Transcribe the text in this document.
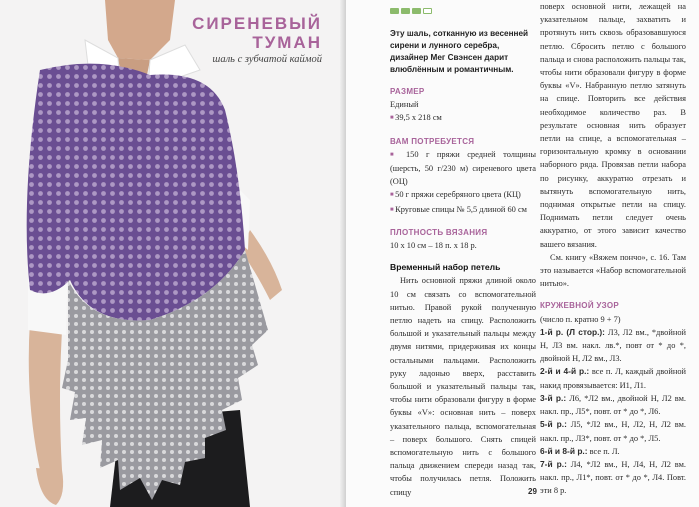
СИРЕНЕВЫЙ
ТУМАН
шаль с зубчатой каймой

Эту шаль, сотканную из весенней сирени и лунного серебра, дизайнер Мег Свэнсен дарит влюблённым и романтичным.

РАЗМЕР

Единый

■ 39,5 х 218 см

ВАМ ПОТРЕБУЕТСЯ

■ 150 г пряжи средней толщины (шерсть, 50 г/230 м) сиреневого цвета (ОЦ)

■ 50 г пряжи серебряного цвета (КЦ)

■ Круговые спицы № 5,5 длиной 60 см

ПЛОТНОСТЬ ВЯЗАНИЯ

10 х 10 см – 18 п. х 18 р.

Временный набор петель

Нить основной пряжи длиной около 10 см связать со вспомогательной нитью. Правой рукой полученную петлю надеть на спицу. Расположить большой и указательный пальцы между двумя нитями, придерживая их концы остальными пальцами. Расположить руку ладонью вверх, расставить большой и указательный пальцы так, чтобы нити образовали фигуру в форме буквы «V»: основная нить – поверх указательного пальца, вспомогательная – поверх большого. Снять спицей вспомогательную нить с большого пальца движением спереди назад так, чтобы получилась петля. Положить спицу

поверх основной нити, лежащей на указательном пальце, захватить и протянуть нить сквозь образовавшуюся петлю. Сбросить петлю с большого пальца и снова расположить пальцы так, чтобы нити образовали фигуру в форме буквы «V». Набранную петлю затянуть на спице. Повторить все действия необходимое количество раз. В результате основная нить образует петли на спице, а вспомогательная – горизонтальную кромку в основании наборного ряда. Провязав петли набора по рисунку, аккуратно отрезать и вытянуть вспомогательную нить, поднимая открытые петли на спицу. Поднимать петли следует очень аккуратно, от этого зависит качество вашего вязания.

См. книгу «Вяжем пончо», с. 16. Там это называется «Набор вспомогательной нитью».

КРУЖЕВНОЙ УЗОР

(число п. кратно 9 + 7)

1-й р. (Л стор.): Л3, Л2 вм., *двойной Н, Л3 вм. накл. лв.*, повт от * до *, двойной Н, Л2 вм., Л3.

2-й и 4-й р.: все п. Л, каждый двойной накид провязывается: И1, Л1.

3-й р.: Л6, *Л2 вм., двойной Н, Л2 вм. накл. пр., Л5*, повт. от * до *, Л6.

5-й р.: Л5, *Л2 вм., Н, Л2, Н, Л2 вм. накл. пр., Л3*, повт. от * до *, Л5.

6-й и 8-й р.: все п. Л.

7-й р.: Л4, *Л2 вм., Н, Л4, Н, Л2 вм. накл. пр., Л1*, повт. от * до *, Л4. Повт. эти 8 р.

29
